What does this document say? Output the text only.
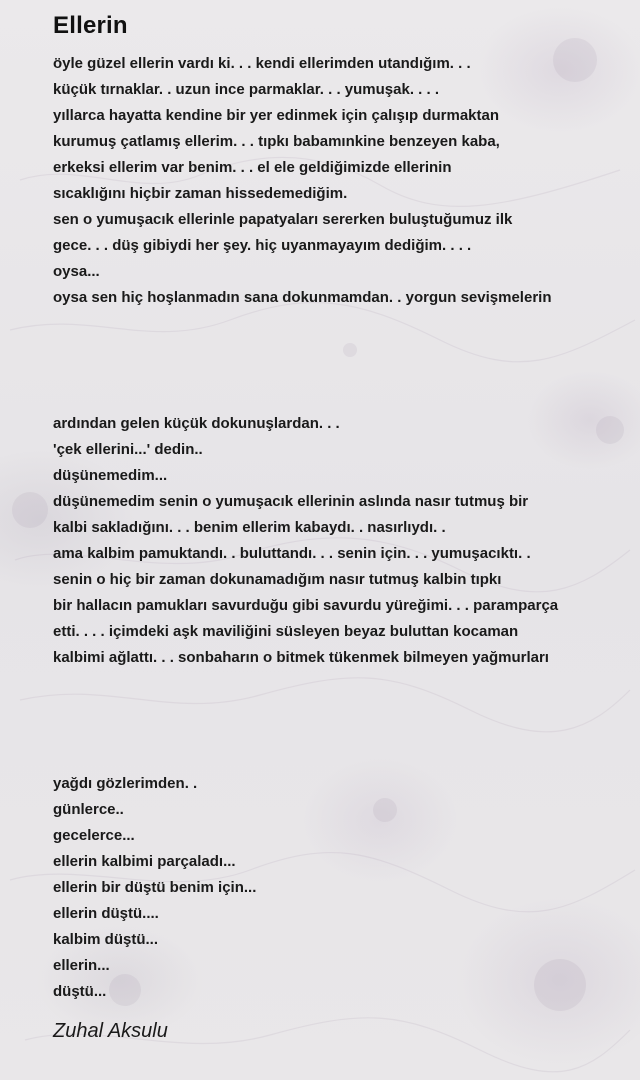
Ellerin

öyle güzel ellerin vardı ki. . . kendi ellerimden utandığım. . .

küçük tırnaklar. . uzun ince parmaklar. . . yumuşak. . . .

yıllarca hayatta kendine bir yer edinmek için çalışıp durmaktan

kurumuş çatlamış ellerim. . . tıpkı babamınkine benzeyen kaba,

erkeksi ellerim var benim. . . el ele geldiğimizde ellerinin

sıcaklığını hiçbir zaman hissedemediğim.

sen o yumuşacık ellerinle papatyaları sererken buluştuğumuz ilk

gece. . . düş gibiydi her şey. hiç uyanmayayım dediğim. . . .

oysa...

oysa sen hiç hoşlanmadın sana dokunmamdan. . yorgun sevişmelerin

ardından gelen küçük dokunuşlardan. . .

'çek ellerini...' dedin..

düşünemedim...

düşünemedim senin o yumuşacık ellerinin aslında nasır tutmuş bir

kalbi sakladığını. . . benim ellerim kabaydı. . nasırlıydı. .

ama kalbim pamuktandı. . buluttandı. . . senin için. . . yumuşacıktı. .

senin o hiç bir zaman dokunamadığım nasır tutmuş kalbin tıpkı

bir hallacın pamukları savurduğu gibi savurdu yüreğimi. . . paramparça

etti. . . . içimdeki aşk maviliğini süsleyen beyaz buluttan kocaman

kalbimi ağlattı. . . sonbaharın o bitmek tükenmek bilmeyen yağmurları

yağdı gözlerimden. .

günlerce..

gecelerce...

ellerin kalbimi parçaladı...

ellerin bir düştü benim için...

ellerin düştü....

kalbim düştü...

ellerin...

düştü...

Zuhal Aksulu
